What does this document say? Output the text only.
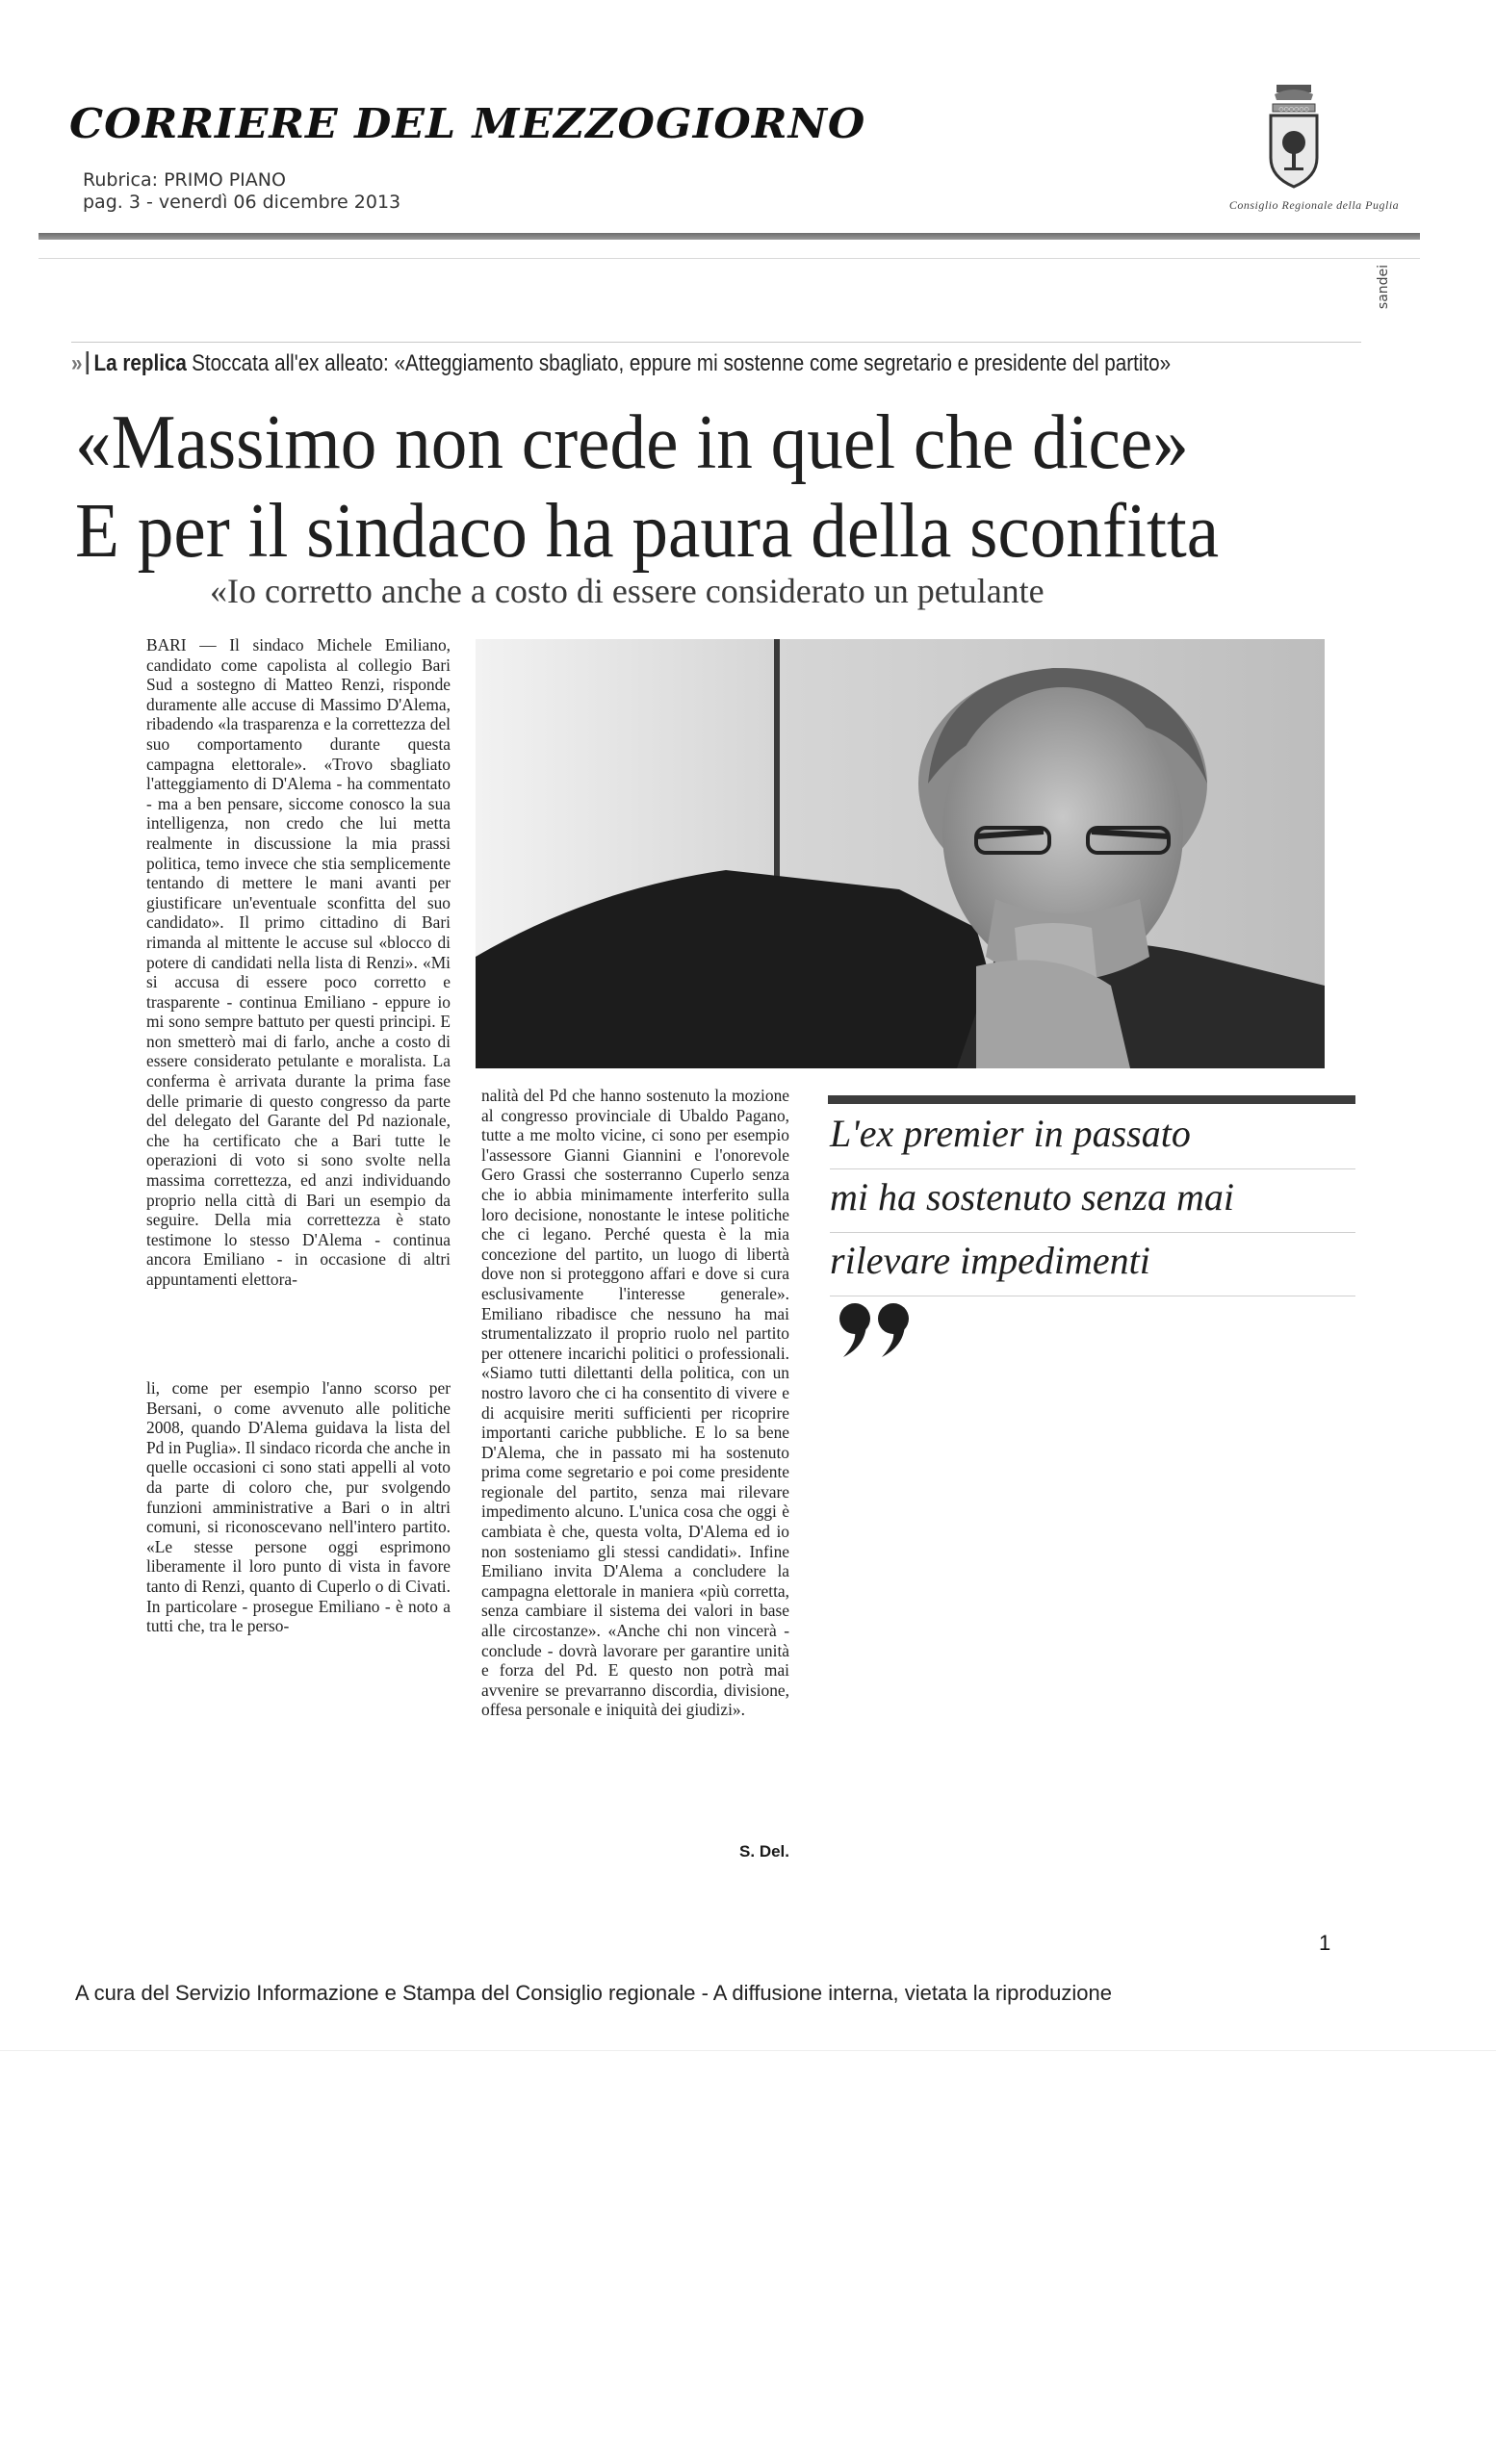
CORRIERE DEL MEZZOGIORNO
Rubrica: PRIMO PIANO
pag. 3 - venerdì 06 dicembre 2013
○○○○○○
Consiglio Regionale della Puglia
sandei
» La replica Stoccata all'ex alleato: «Atteggiamento sbagliato, eppure mi sostenne come segretario e presidente del partito»
«Massimo non crede in quel che dice»
E per il sindaco ha paura della sconfitta
«Io corretto anche a costo di essere considerato un petulante

BARI — Il sindaco Michele Emiliano, candidato come capolista al collegio Bari Sud a sostegno di Matteo Renzi, risponde duramente alle accuse di Massimo D'Alema, ribadendo «la trasparenza e la correttezza del suo comportamento durante questa campagna elettorale». «Trovo sbagliato l'atteggiamento di D'Alema - ha commentato - ma a ben pensare, siccome conosco la sua intelligenza, non credo che lui metta realmente in discussione la mia prassi politica, temo invece che stia semplicemente tentando di mettere le mani avanti per giustificare un'eventuale sconfitta del suo candidato». Il primo cittadino di Bari rimanda al mittente le accuse sul «blocco di potere di candidati nella lista di Renzi». «Mi si accusa di essere poco corretto e trasparente - continua Emiliano - eppure io mi sono sempre battuto per questi principi. E non smetterò mai di farlo, anche a costo di essere considerato petulante e moralista. La conferma è arrivata durante la prima fase delle primarie di questo congresso da parte del delegato del Garante del Pd nazionale, che ha certificato che a Bari tutte le operazioni di voto si sono svolte nella massima correttezza, ed anzi individuando proprio nella città di Bari un esempio da seguire. Della mia correttezza è stato testimone lo stesso D'Alema - continua ancora Emiliano - in occasione di altri appuntamenti elettora-

li, come per esempio l'anno scorso per Bersani, o come avvenuto alle politiche 2008, quando D'Alema guidava la lista del Pd in Puglia». Il sindaco ricorda che anche in quelle occasioni ci sono stati appelli al voto da parte di coloro che, pur svolgendo funzioni amministrative a Bari o in altri comuni, si riconoscevano nell'intero partito. «Le stesse persone oggi esprimono liberamente il loro punto di vista in favore tanto di Renzi, quanto di Cuperlo o di Civati. In particolare - prosegue Emiliano - è noto a tutti che, tra le perso-

nalità del Pd che hanno sostenuto la mozione al congresso provinciale di Ubaldo Pagano, tutte a me molto vicine, ci sono per esempio l'assessore Gianni Giannini e l'onorevole Gero Grassi che sosterranno Cuperlo senza che io abbia minimamente interferito sulla loro decisione, nonostante le intese politiche che ci legano. Perché questa è la mia concezione del partito, un luogo di libertà dove non si proteggono affari e dove si cura esclusivamente l'interesse generale». Emiliano ribadisce che nessuno ha mai strumentalizzato il proprio ruolo nel partito per ottenere incarichi politici o professionali. «Siamo tutti dilettanti della politica, con un nostro lavoro che ci ha consentito di vivere e di acquisire meriti sufficienti per ricoprire importanti cariche pubbliche. E lo sa bene D'Alema, che in passato mi ha sostenuto prima come segretario e poi come presidente regionale del partito, senza mai rilevare impedimento alcuno. L'unica cosa che oggi è cambiata è che, questa volta, D'Alema ed io non sosteniamo gli stessi candidati». Infine Emiliano invita D'Alema a concludere la campagna elettorale in maniera «più corretta, senza cambiare il sistema dei valori in base alle circostanze». «Anche chi non vincerà - conclude - dovrà lavorare per garantire unità e forza del Pd. E questo non potrà mai avvenire se prevarranno discordia, divisione, offesa personale e iniquità dei giudizi».

S. Del.
L'ex premier in passato
mi ha sostenuto senza mai
rilevare impedimenti
1
A cura del Servizio Informazione e Stampa del Consiglio regionale - A diffusione interna, vietata la riproduzione
